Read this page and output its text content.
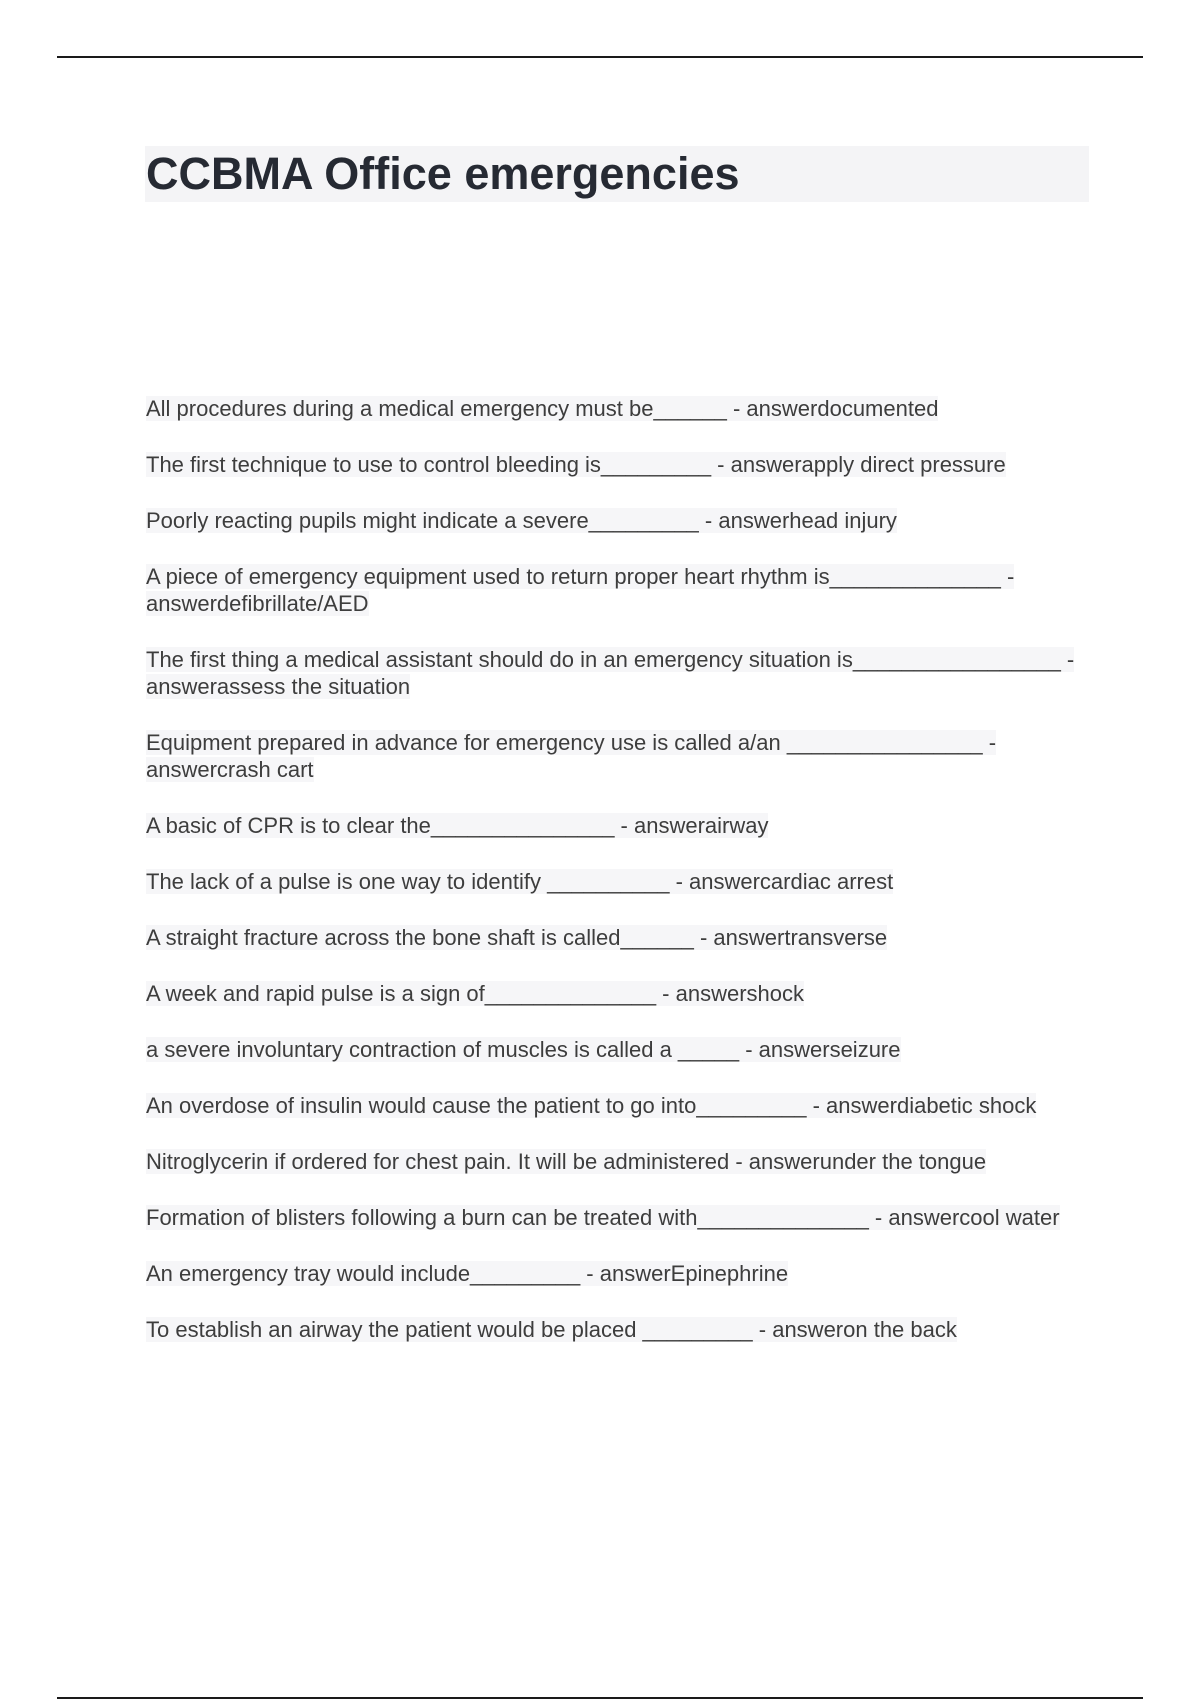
CCBMA Office emergencies
All procedures during a medical emergency must be______ - answerdocumented
The first technique to use to control bleeding is_________ - answerapply direct pressure
Poorly reacting pupils might indicate a severe_________ - answerhead injury
A piece of emergency equipment used to return proper heart rhythm is______________ - answerdefibrillate/AED
The first thing a medical assistant should do in an emergency situation is_________________ - answerassess the situation
Equipment prepared in advance for emergency use is called a/an ________________ - answercrash cart
A basic of CPR is to clear the_______________ - answerairway
The lack of a pulse is one way to identify __________ - answercardiac arrest
A straight fracture across the bone shaft is called______ - answertransverse
A week and rapid pulse is a sign of______________ - answershock
a severe involuntary contraction of muscles is called a _____ - answerseizure
An overdose of insulin would cause the patient to go into_________ - answerdiabetic shock
Nitroglycerin if ordered for chest pain. It will be administered - answerunder the tongue
Formation of blisters following a burn can be treated with______________ - answercool water
An emergency tray would include_________ - answerEpinephrine
To establish an airway the patient would be placed _________ - answeron the back
